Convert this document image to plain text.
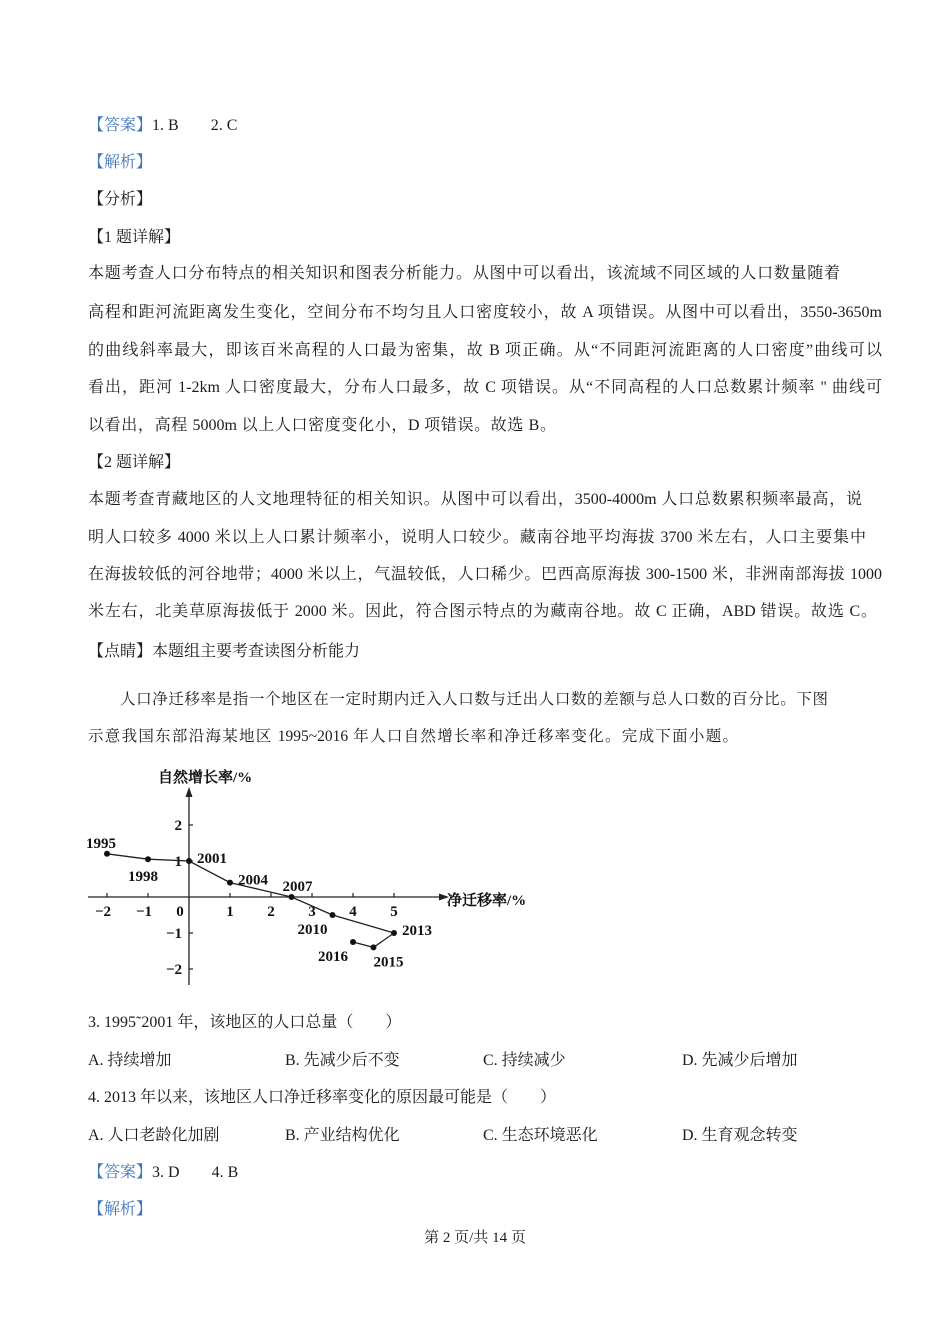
【答案】1. B 2. C
【解析】
【分析】
【1 题详解】
本题考查人口分布特点的相关知识和图表分析能力。从图中可以看出，该流域不同区域的人口数量随着
高程和距河流距离发生变化，空间分布不均匀且人口密度较小，故 A 项错误。从图中可以看出，3550-3650m
的曲线斜率最大，即该百米高程的人口最为密集，故 B 项正确。从“不同距河流距离的人口密度”曲线可以
看出，距河 1-2km 人口密度最大，分布人口最多，故 C 项错误。从“不同高程的人口总数累计频率 " 曲线可
以看出，高程 5000m 以上人口密度变化小，D 项错误。故选 B。
【2 题详解】
本题考查青藏地区的人文地理特征的相关知识。从图中可以看出，3500-4000m 人口总数累积频率最高，说
明人口较多 4000 米以上人口累计频率小，说明人口较少。藏南谷地平均海拔 3700 米左右，人口主要集中
在海拔较低的河谷地带；4000 米以上，气温较低，人口稀少。巴西高原海拔 300-1500 米，非洲南部海拔 1000
米左右，北美草原海拔低于 2000 米。因此，符合图示特点的为藏南谷地。故 C 正确，ABD 错误。故选 C。
【点睛】本题组主要考查读图分析能力
人口净迁移率是指一个地区在一定时期内迁入人口数与迁出人口数的差额与总人口数的百分比。下图
示意我国东部沿海某地区 1995~2016 年人口自然增长率和净迁移率变化。完成下面小题。
自然增长率/%
净迁移率/%
−2 −1 0	1 2 3 4 5
2
1
−1
−2
1995
1998
2001
2004 2007
2010	2013
2015
2016
3. 1995˜2001 年，该地区的人口总量（　　）
A. 持续增加	B. 先减少后不变	C. 持续减少	D. 先减少后增加
4. 2013 年以来，该地区人口净迁移率变化的原因最可能是（　　）
A. 人口老龄化加剧	B. 产业结构优化	C. 生态环境恶化	D. 生育观念转变
【答案】3. D 4. B
【解析】
第 2 页/共 14 页
